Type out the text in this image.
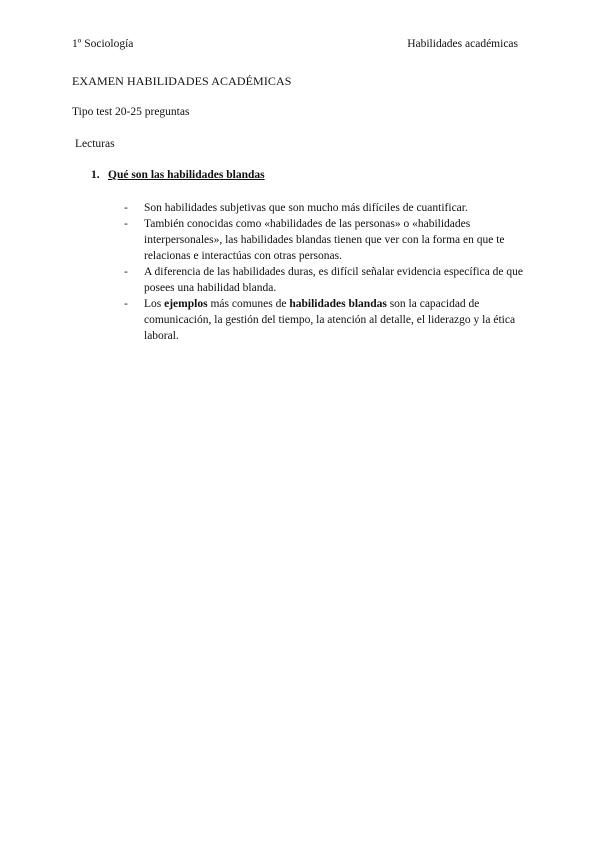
1º Sociología	Habilidades académicas
EXAMEN HABILIDADES ACADÉMICAS
Tipo test 20-25 preguntas
Lecturas
1. Qué son las habilidades blandas
- Son habilidades subjetivas que son mucho más difíciles de cuantificar.
- También conocidas como «habilidades de las personas» o «habilidades interpersonales», las habilidades blandas tienen que ver con la forma en que te relacionas e interactúas con otras personas.
- A diferencia de las habilidades duras, es difícil señalar evidencia específica de que posees una habilidad blanda.
- Los ejemplos más comunes de habilidades blandas son la capacidad de comunicación, la gestión del tiempo, la atención al detalle, el liderazgo y la ética laboral.
